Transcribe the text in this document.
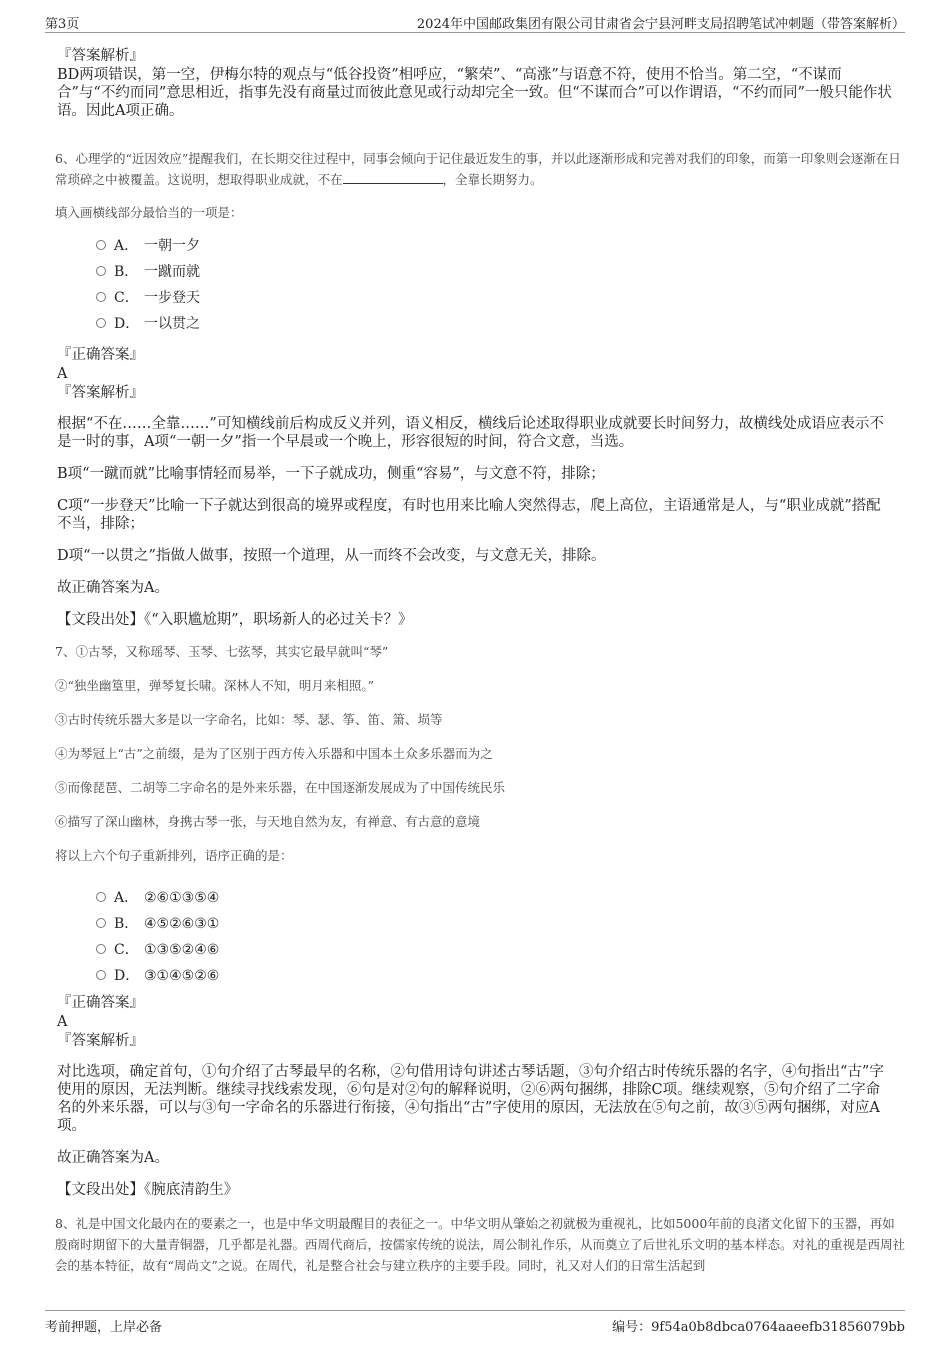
第3页	2024年中国邮政集团有限公司甘肃省会宁县河畔支局招聘笔试冲刺题（带答案解析）
『答案解析』
BD两项错误，第一空，伊梅尔特的观点与“低谷投资”相呼应，“繁荣”、“高涨”与语意不符，使用不恰当。第二空，“不谋而合”与“不约而同”意思相近，指事先没有商量过而彼此意见或行动却完全一致。但“不谋而合”可以作谓语，“不约而同”一般只能作状语。因此A项正确。
6、心理学的“近因效应”提醒我们，在长期交往过程中，同事会倾向于记住最近发生的事，并以此逐渐形成和完善对我们的印象，而第一印象则会逐渐在日常琐碎之中被覆盖。这说明，想取得职业成就，不在	，全靠长期努力。
填入画横线部分最恰当的一项是：
A． 一朝一夕
B． 一蹴而就
C． 一步登天
D． 一以贯之
『正确答案』
A
『答案解析』
根据“不在……全靠……”可知横线前后构成反义并列，语义相反，横线后论述取得职业成就要长时间努力，故横线处成语应表示不是一时的事，A项“一朝一夕”指一个早晨或一个晚上，形容很短的时间，符合文意，当选。
B项“一蹴而就”比喻事情轻而易举，一下子就成功，侧重“容易”，与文意不符，排除；
C项“一步登天”比喻一下子就达到很高的境界或程度，有时也用来比喻人突然得志，爬上高位，主语通常是人，与“职业成就”搭配不当，排除；
D项“一以贯之”指做人做事，按照一个道理，从一而终不会改变，与文意无关，排除。
故正确答案为A。
【文段出处】《“入职尴尬期”，职场新人的必过关卡？》
7、①古琴，又称瑶琴、玉琴、七弦琴，其实它最早就叫“琴”
②“独坐幽篁里，弹琴复长啸。深林人不知，明月来相照。”
③古时传统乐器大多是以一字命名，比如：琴、瑟、筝、笛、箫、埙等
④为琴冠上“古”之前缀，是为了区别于西方传入乐器和中国本土众多乐器而为之
⑤而像琵琶、二胡等二字命名的是外来乐器，在中国逐渐发展成为了中国传统民乐
⑥描写了深山幽林，身携古琴一张，与天地自然为友，有禅意、有古意的意境
将以上六个句子重新排列，语序正确的是：
A． ②⑥①③⑤④
B． ④⑤②⑥③①
C． ①③⑤②④⑥
D． ③①④⑤②⑥
『正确答案』
A
『答案解析』
对比选项，确定首句，①句介绍了古琴最早的名称，②句借用诗句讲述古琴话题，③句介绍古时传统乐器的名字，④句指出“古”字使用的原因，无法判断。继续寻找线索发现，⑥句是对②句的解释说明，②⑥两句捆绑，排除C项。继续观察，⑤句介绍了二字命名的外来乐器，可以与③句一字命名的乐器进行衔接，④句指出“古”字使用的原因，无法放在⑤句之前，故③⑤两句捆绑，对应A项。
故正确答案为A。
【文段出处】《腕底清韵生》
8、礼是中国文化最内在的要素之一，也是中华文明最醒目的表征之一。中华文明从肇始之初就极为重视礼，比如5000年前的良渚文化留下的玉器，再如殷商时期留下的大量青铜器，几乎都是礼器。西周代商后，按儒家传统的说法，周公制礼作乐，从而奠立了后世礼乐文明的基本样态。对礼的重视是西周社会的基本特征，故有“周尚文”之说。在周代，礼是整合社会与建立秩序的主要手段。同时，礼又对人们的日常生活起到
考前押题，上岸必备	编号：9f54a0b8dbca0764aaeefb31856079bb
